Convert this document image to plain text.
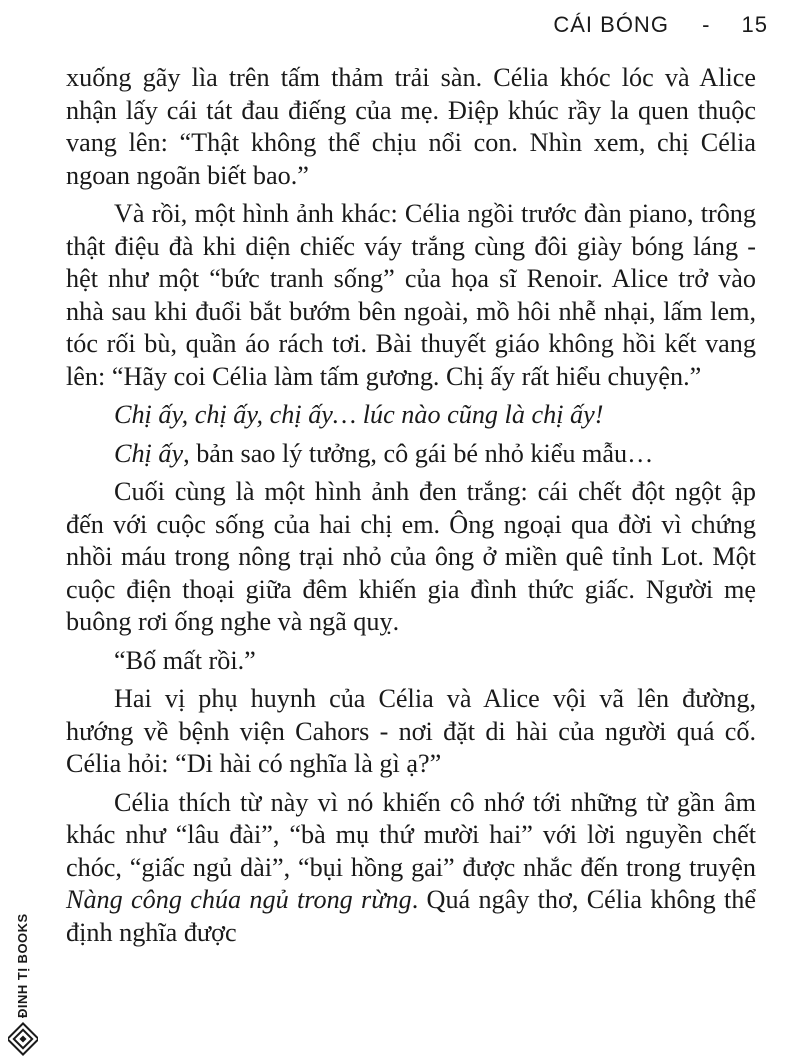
CÁI BÓNG - 15

xuống gãy lìa trên tấm thảm trải sàn. Célia khóc lóc và Alice nhận lấy cái tát đau điếng của mẹ. Điệp khúc rầy la quen thuộc vang lên: “Thật không thể chịu nổi con. Nhìn xem, chị Célia ngoan ngoãn biết bao.”

Và rồi, một hình ảnh khác: Célia ngồi trước đàn piano, trông thật điệu đà khi diện chiếc váy trắng cùng đôi giày bóng láng - hệt như một “bức tranh sống” của họa sĩ Renoir. Alice trở vào nhà sau khi đuổi bắt bướm bên ngoài, mồ hôi nhễ nhại, lấm lem, tóc rối bù, quần áo rách tơi. Bài thuyết giáo không hồi kết vang lên: “Hãy coi Célia làm tấm gương. Chị ấy rất hiểu chuyện.”

Chị ấy, chị ấy, chị ấy… lúc nào cũng là chị ấy!

Chị ấy, bản sao lý tưởng, cô gái bé nhỏ kiểu mẫu…

Cuối cùng là một hình ảnh đen trắng: cái chết đột ngột ập đến với cuộc sống của hai chị em. Ông ngoại qua đời vì chứng nhồi máu trong nông trại nhỏ của ông ở miền quê tỉnh Lot. Một cuộc điện thoại giữa đêm khiến gia đình thức giấc. Người mẹ buông rơi ống nghe và ngã quỵ.

“Bố mất rồi.”

Hai vị phụ huynh của Célia và Alice vội vã lên đường, hướng về bệnh viện Cahors - nơi đặt di hài của người quá cố. Célia hỏi: “Di hài có nghĩa là gì ạ?”

Célia thích từ này vì nó khiến cô nhớ tới những từ gần âm khác như “lâu đài”, “bà mụ thứ mười hai” với lời nguyền chết chóc, “giấc ngủ dài”, “bụi hồng gai” được nhắc đến trong truyện Nàng công chúa ngủ trong rừng. Quá ngây thơ, Célia không thể định nghĩa được

ĐINH TỊ BOOKS
